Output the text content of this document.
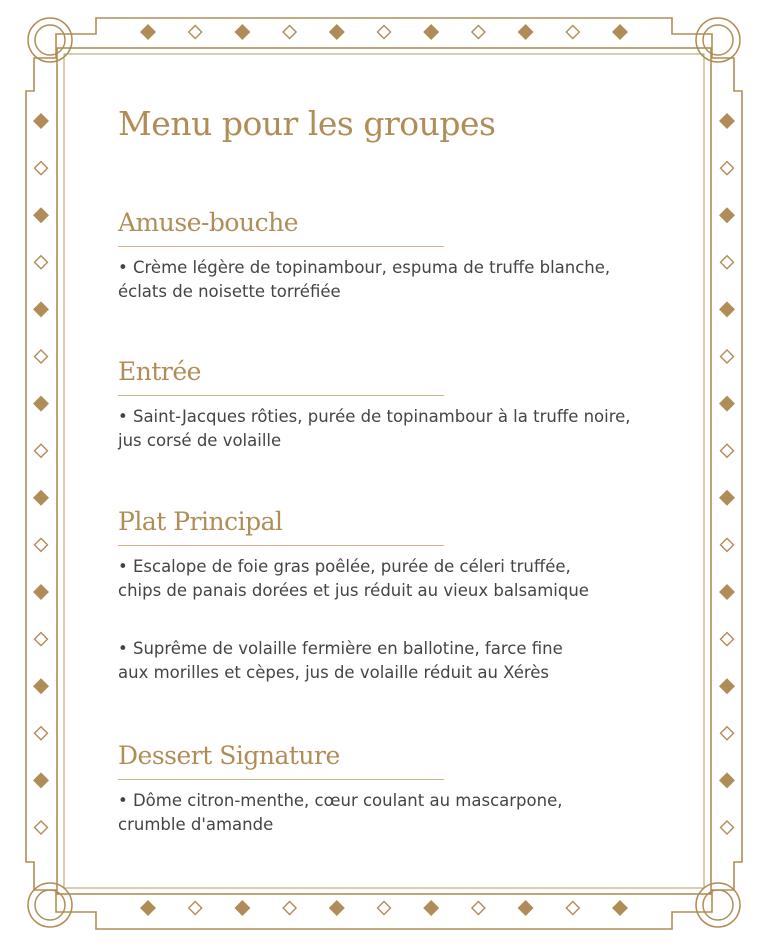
Menu pour les groupes
Amuse-bouche
• Crème légère de topinambour, espuma de truffe blanche,
éclats de noisette torréfiée
Entrée
• Saint-Jacques rôties, purée de topinambour à la truffe noire,
jus corsé de volaille
Plat Principal
• Escalope de foie gras poêlée, purée de céleri truffée,
chips de panais dorées et jus réduit au vieux balsamique
• Suprême de volaille fermière en ballotine, farce fine
aux morilles et cèpes, jus de volaille réduit au Xérès
Dessert Signature
• Dôme citron-menthe, cœur coulant au mascarpone,
crumble d'amande
